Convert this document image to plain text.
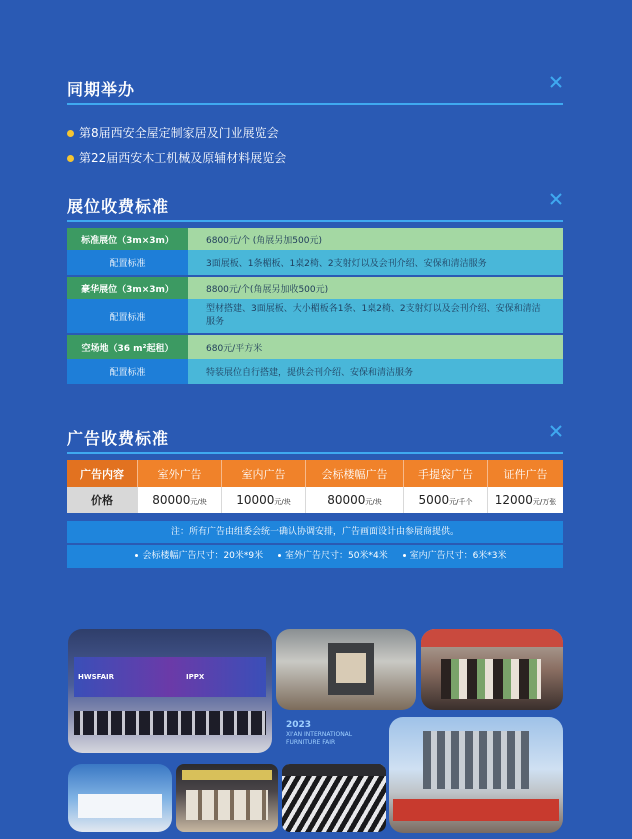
同期举办
第8届西安全屋定制家居及门业展览会
第22届西安木工机械及原辅材料展览会
展位收费标准
标准展位（3m×3m）	6800元/个 (角展另加500元)
配置标准	3面展板、1条楣板、1桌2椅、2支射灯以及会刊介绍、安保和清洁服务

豪华展位（3m×3m）	8800元/个(角展另加收500元)
配置标准	型材搭建、3面展板、大小楣板各1条、1桌2椅、2支射灯以及会刊介绍、安保和清洁服务

空场地（36 m²起租）	680元/平方米
配置标准	特装展位自行搭建，提供会刊介绍、安保和清洁服务
广告收费标准
广告内容	室外广告	室内广告	会标楼幅广告	手提袋广告	证件广告
价格	80000元/块	10000元/块	80000元/块	5000元/千个	12000元/万张
注：所有广告由组委会统一确认协调安排，广告画面设计由参展商提供。
会标楼幅广告尺寸：20米*9米 室外广告尺寸：50米*4米 室内广告尺寸：6米*3米
HWSFAIR	IPPX
2023
XI'AN INTERNATIONAL
FURNITURE FAIR
